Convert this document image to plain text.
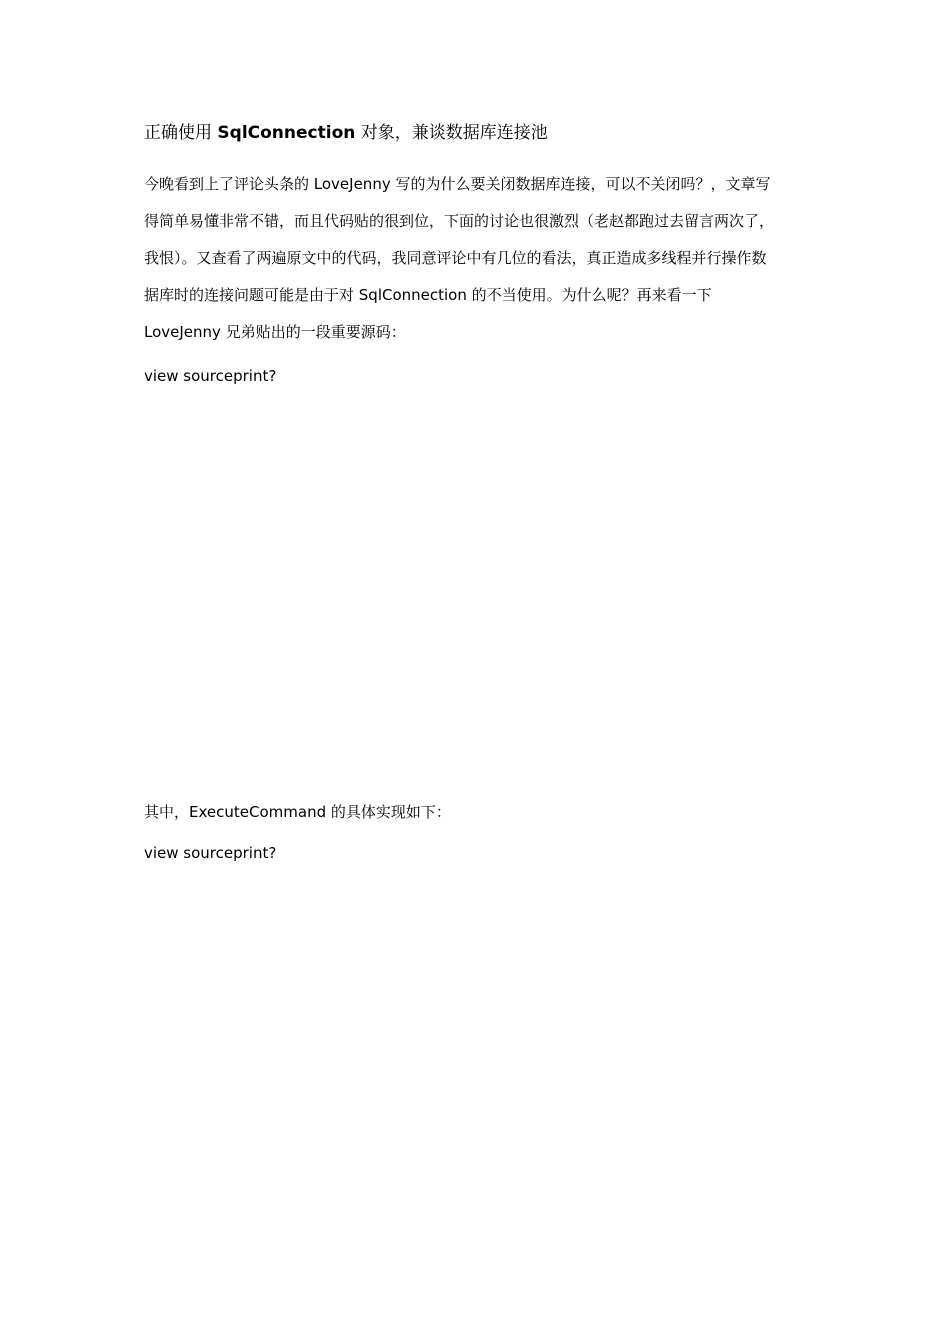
正确使用 SqlConnection 对象，兼谈数据库连接池
今晚看到上了评论头条的 LoveJenny 写的为什么要关闭数据库连接，可以不关闭吗？，文章写
得简单易懂非常不错，而且代码贴的很到位，下面的讨论也很激烈（老赵都跑过去留言两次了，
我恨）。又查看了两遍原文中的代码，我同意评论中有几位的看法，真正造成多线程并行操作数
据库时的连接问题可能是由于对 SqlConnection 的不当使用。为什么呢？再来看一下
LoveJenny 兄弟贴出的一段重要源码：
view sourceprint?
其中，ExecuteCommand 的具体实现如下：
view sourceprint?
